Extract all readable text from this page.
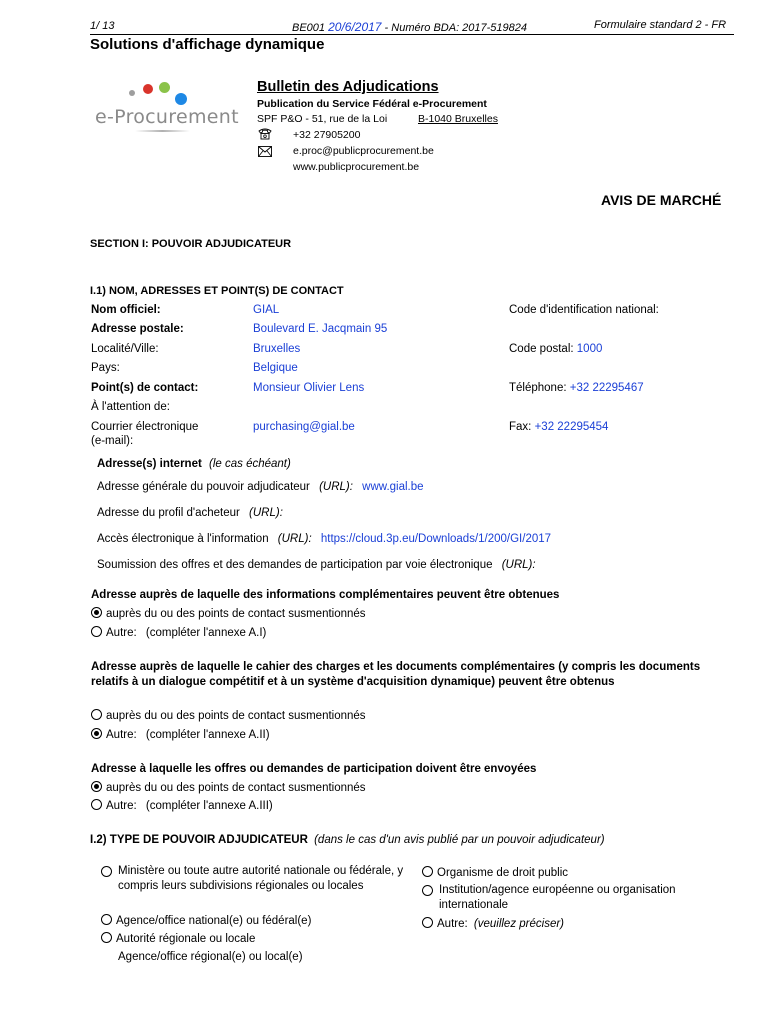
1/ 13	BE001 20/6/2017 - Numéro BDA: 2017-519824	Formulaire standard 2 - FR
Solutions d'affichage dynamique
e-Procurement
Bulletin des Adjudications
Publication du Service Fédéral e-Procurement
SPF P&O - 51, rue de la Loi	B-1040 Bruxelles
+32 27905200
e.proc@publicprocurement.be
www.publicprocurement.be
AVIS DE MARCHÉ
SECTION I: POUVOIR ADJUDICATEUR
I.1) NOM, ADRESSES ET POINT(S) DE CONTACT
Nom officiel:	GIAL	Code d'identification national:
Adresse postale:	Boulevard E. Jacqmain 95
Localité/Ville:	Bruxelles	Code postal: 1000
Pays:	Belgique
Point(s) de contact:	Monsieur Olivier Lens	Téléphone: +32 22295467
À l'attention de:
Courrier électronique
(e-mail):
purchasing@gial.be	Fax: +32 22295454
Adresse(s) internet (le cas échéant)
Adresse générale du pouvoir adjudicateur (URL): www.gial.be
Adresse du profil d'acheteur (URL):
Accès électronique à l'information (URL): https://cloud.3p.eu/Downloads/1/200/GI/2017
Soumission des offres et des demandes de participation par voie électronique (URL):
Adresse auprès de laquelle des informations complémentaires peuvent être obtenues
auprès du ou des points de contact susmentionnés
Autre: (compléter l'annexe A.I)
Adresse auprès de laquelle le cahier des charges et les documents complémentaires (y compris les documents relatifs à un dialogue compétitif et à un système d'acquisition dynamique) peuvent être obtenus
auprès du ou des points de contact susmentionnés
Autre: (compléter l'annexe A.II)
Adresse à laquelle les offres ou demandes de participation doivent être envoyées
auprès du ou des points de contact susmentionnés
Autre: (compléter l'annexe A.III)
I.2) TYPE DE POUVOIR ADJUDICATEUR (dans le cas d'un avis publié par un pouvoir adjudicateur)
Ministère ou toute autre autorité nationale ou fédérale, y compris leurs subdivisions régionales ou locales
Agence/office national(e) ou fédéral(e)
Autorité régionale ou locale
Agence/office régional(e) ou local(e)
Organisme de droit public
Institution/agence européenne ou organisation internationale
Autre: (veuillez préciser)
